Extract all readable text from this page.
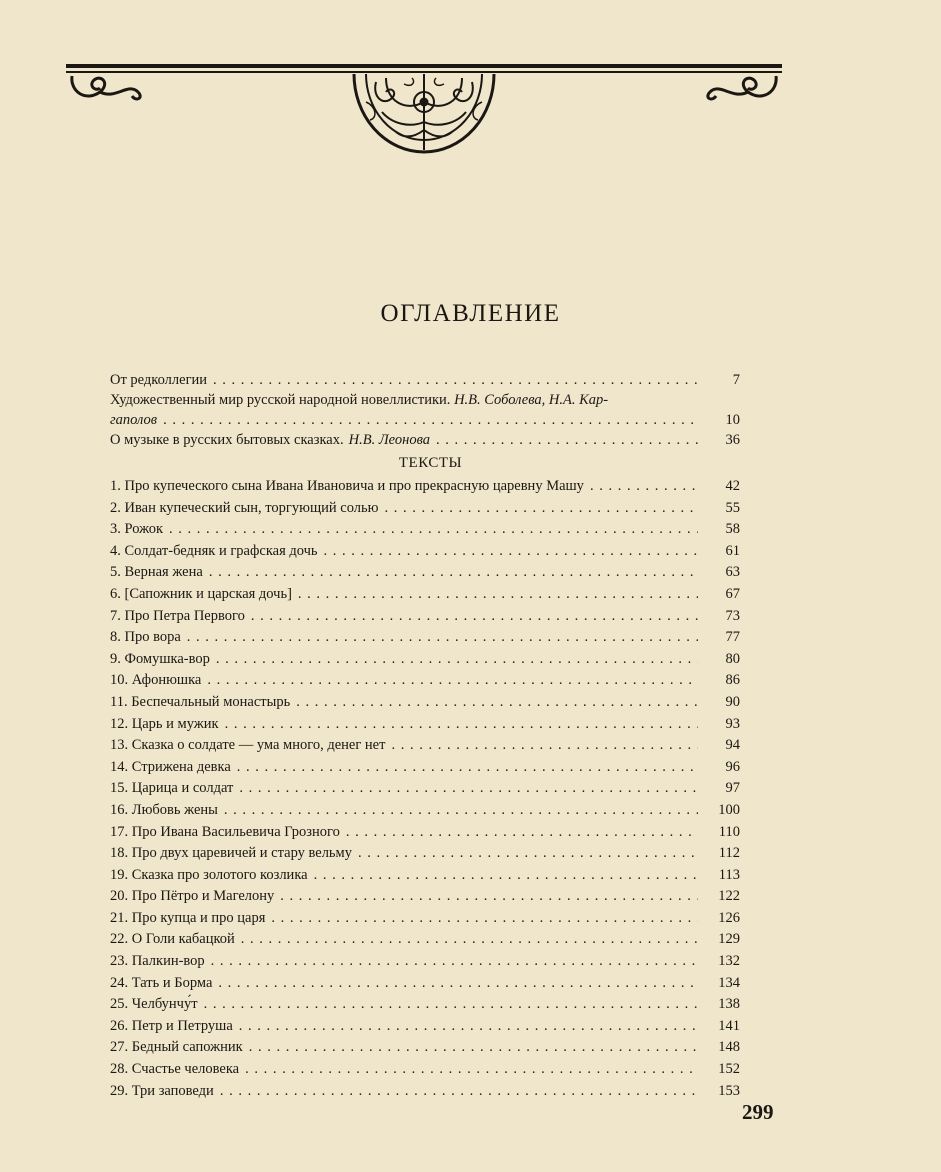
ОГЛАВЛЕНИЕ
От редколлегии . . .	7
Художественный мир русской народной новеллистики. Н.В. Соболева, Н.А. Кар-
гаполов . . .	10
О музыке в русских бытовых сказках. Н.В. Леонова . . .	36
ТЕКСТЫ
1. Про купеческого сына Ивана Ивановича и про прекрасную царевну Машу . . .	42
2. Иван купеческий сын, торгующий солью . . .	55
3. Рожок . . .	58
4. Солдат-бедняк и графская дочь . . .	61
5. Верная жена . . .	63
6. [Сапожник и царская дочь] . . .	67
7. Про Петра Первого . . .	73
8. Про вора . . .	77
9. Фомушка-вор . . .	80
10. Афонюшка . . .	86
11. Беспечальный монастырь . . .	90
12. Царь и мужик . . .	93
13. Сказка о солдате — ума много, денег нет . . .	94
14. Стрижена девка . . .	96
15. Царица и солдат . . .	97
16. Любовь жены . . .	100
17. Про Ивана Васильевича Грозного . . .	110
18. Про двух царевичей и стару вельму . . .	112
19. Сказка про золотого козлика . . .	113
20. Про Пётро и Магелону . . .	122
21. Про купца и про царя . . .	126
22. О Голи кабацкой . . .	129
23. Палкин-вор . . .	132
24. Тать и Борма . . .	134
25. Челбунчу́т . . .	138
26. Петр и Петруша . . .	141
27. Бедный сапожник . . .	148
28. Счастье человека . . .	152
29. Три заповеди . . .	153
299
